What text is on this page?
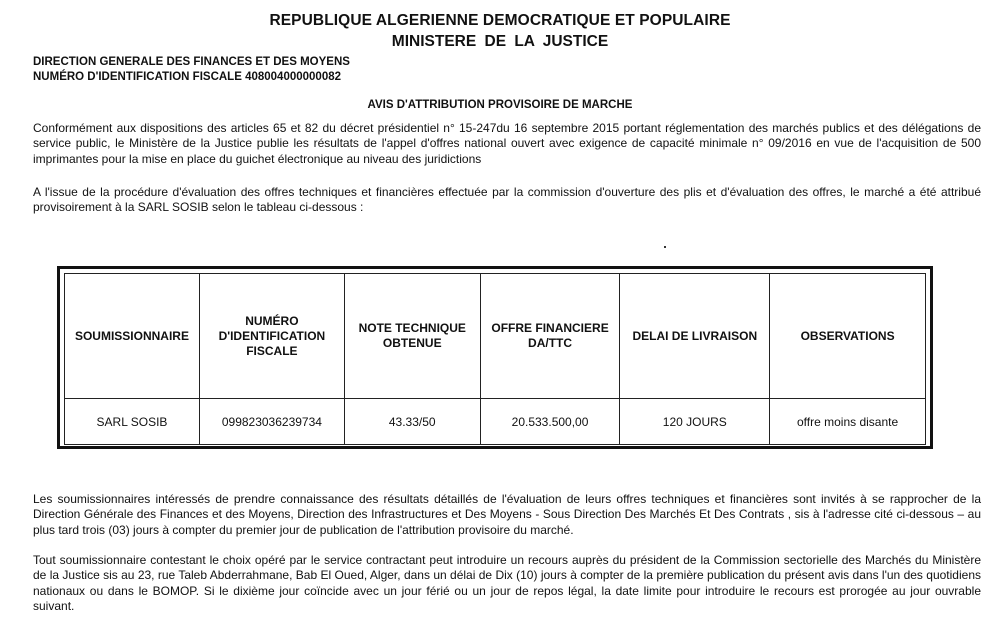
REPUBLIQUE ALGERIENNE DEMOCRATIQUE ET POPULAIRE
MINISTERE DE LA JUSTICE
DIRECTION GENERALE DES FINANCES ET DES MOYENS
NUMÉRO D'IDENTIFICATION FISCALE 408004000000082
AVIS D'ATTRIBUTION PROVISOIRE DE MARCHE
Conformément aux dispositions des articles 65 et 82 du décret présidentiel n° 15-247du 16 septembre 2015 portant réglementation des marchés publics et des délégations de service public, le Ministère de la Justice publie les résultats de l'appel d'offres national ouvert avec exigence de capacité minimale n° 09/2016 en vue de l'acquisition de 500 imprimantes pour la mise en place du guichet électronique au niveau des juridictions
A l'issue de la procédure d'évaluation des offres techniques et financières effectuée par la commission d'ouverture des plis et d'évaluation des offres, le marché a été attribué provisoirement à la SARL SOSIB selon le tableau ci-dessous :
SOUMISSIONNAIRE	NUMÉRO D'IDENTIFICATION FISCALE	NOTE TECHNIQUE OBTENUE	OFFRE FINANCIERE DA/TTC	DELAI DE LIVRAISON	OBSERVATIONS
SARL SOSIB	099823036239734	43.33/50	20.533.500,00	120 JOURS	offre moins disante
Les soumissionnaires intéressés de prendre connaissance des résultats détaillés de l'évaluation de leurs offres techniques et financières sont invités à se rapprocher de la Direction Générale des Finances et des Moyens, Direction des Infrastructures et Des Moyens - Sous Direction Des Marchés Et Des Contrats , sis à l'adresse cité ci-dessous – au plus tard trois (03) jours à compter du premier jour de publication de l'attribution provisoire du marché.
Tout soumissionnaire contestant le choix opéré par le service contractant peut introduire un recours auprès du président de la Commission sectorielle des Marchés du Ministère de la Justice sis au 23, rue Taleb Abderrahmane, Bab El Oued, Alger, dans un délai de Dix (10) jours à compter de la première publication du présent avis dans l'un des quotidiens nationaux ou dans le BOMOP. Si le dixième jour coïncide avec un jour férié ou un jour de repos légal, la date limite pour introduire le recours est prorogée au jour ouvrable suivant.
